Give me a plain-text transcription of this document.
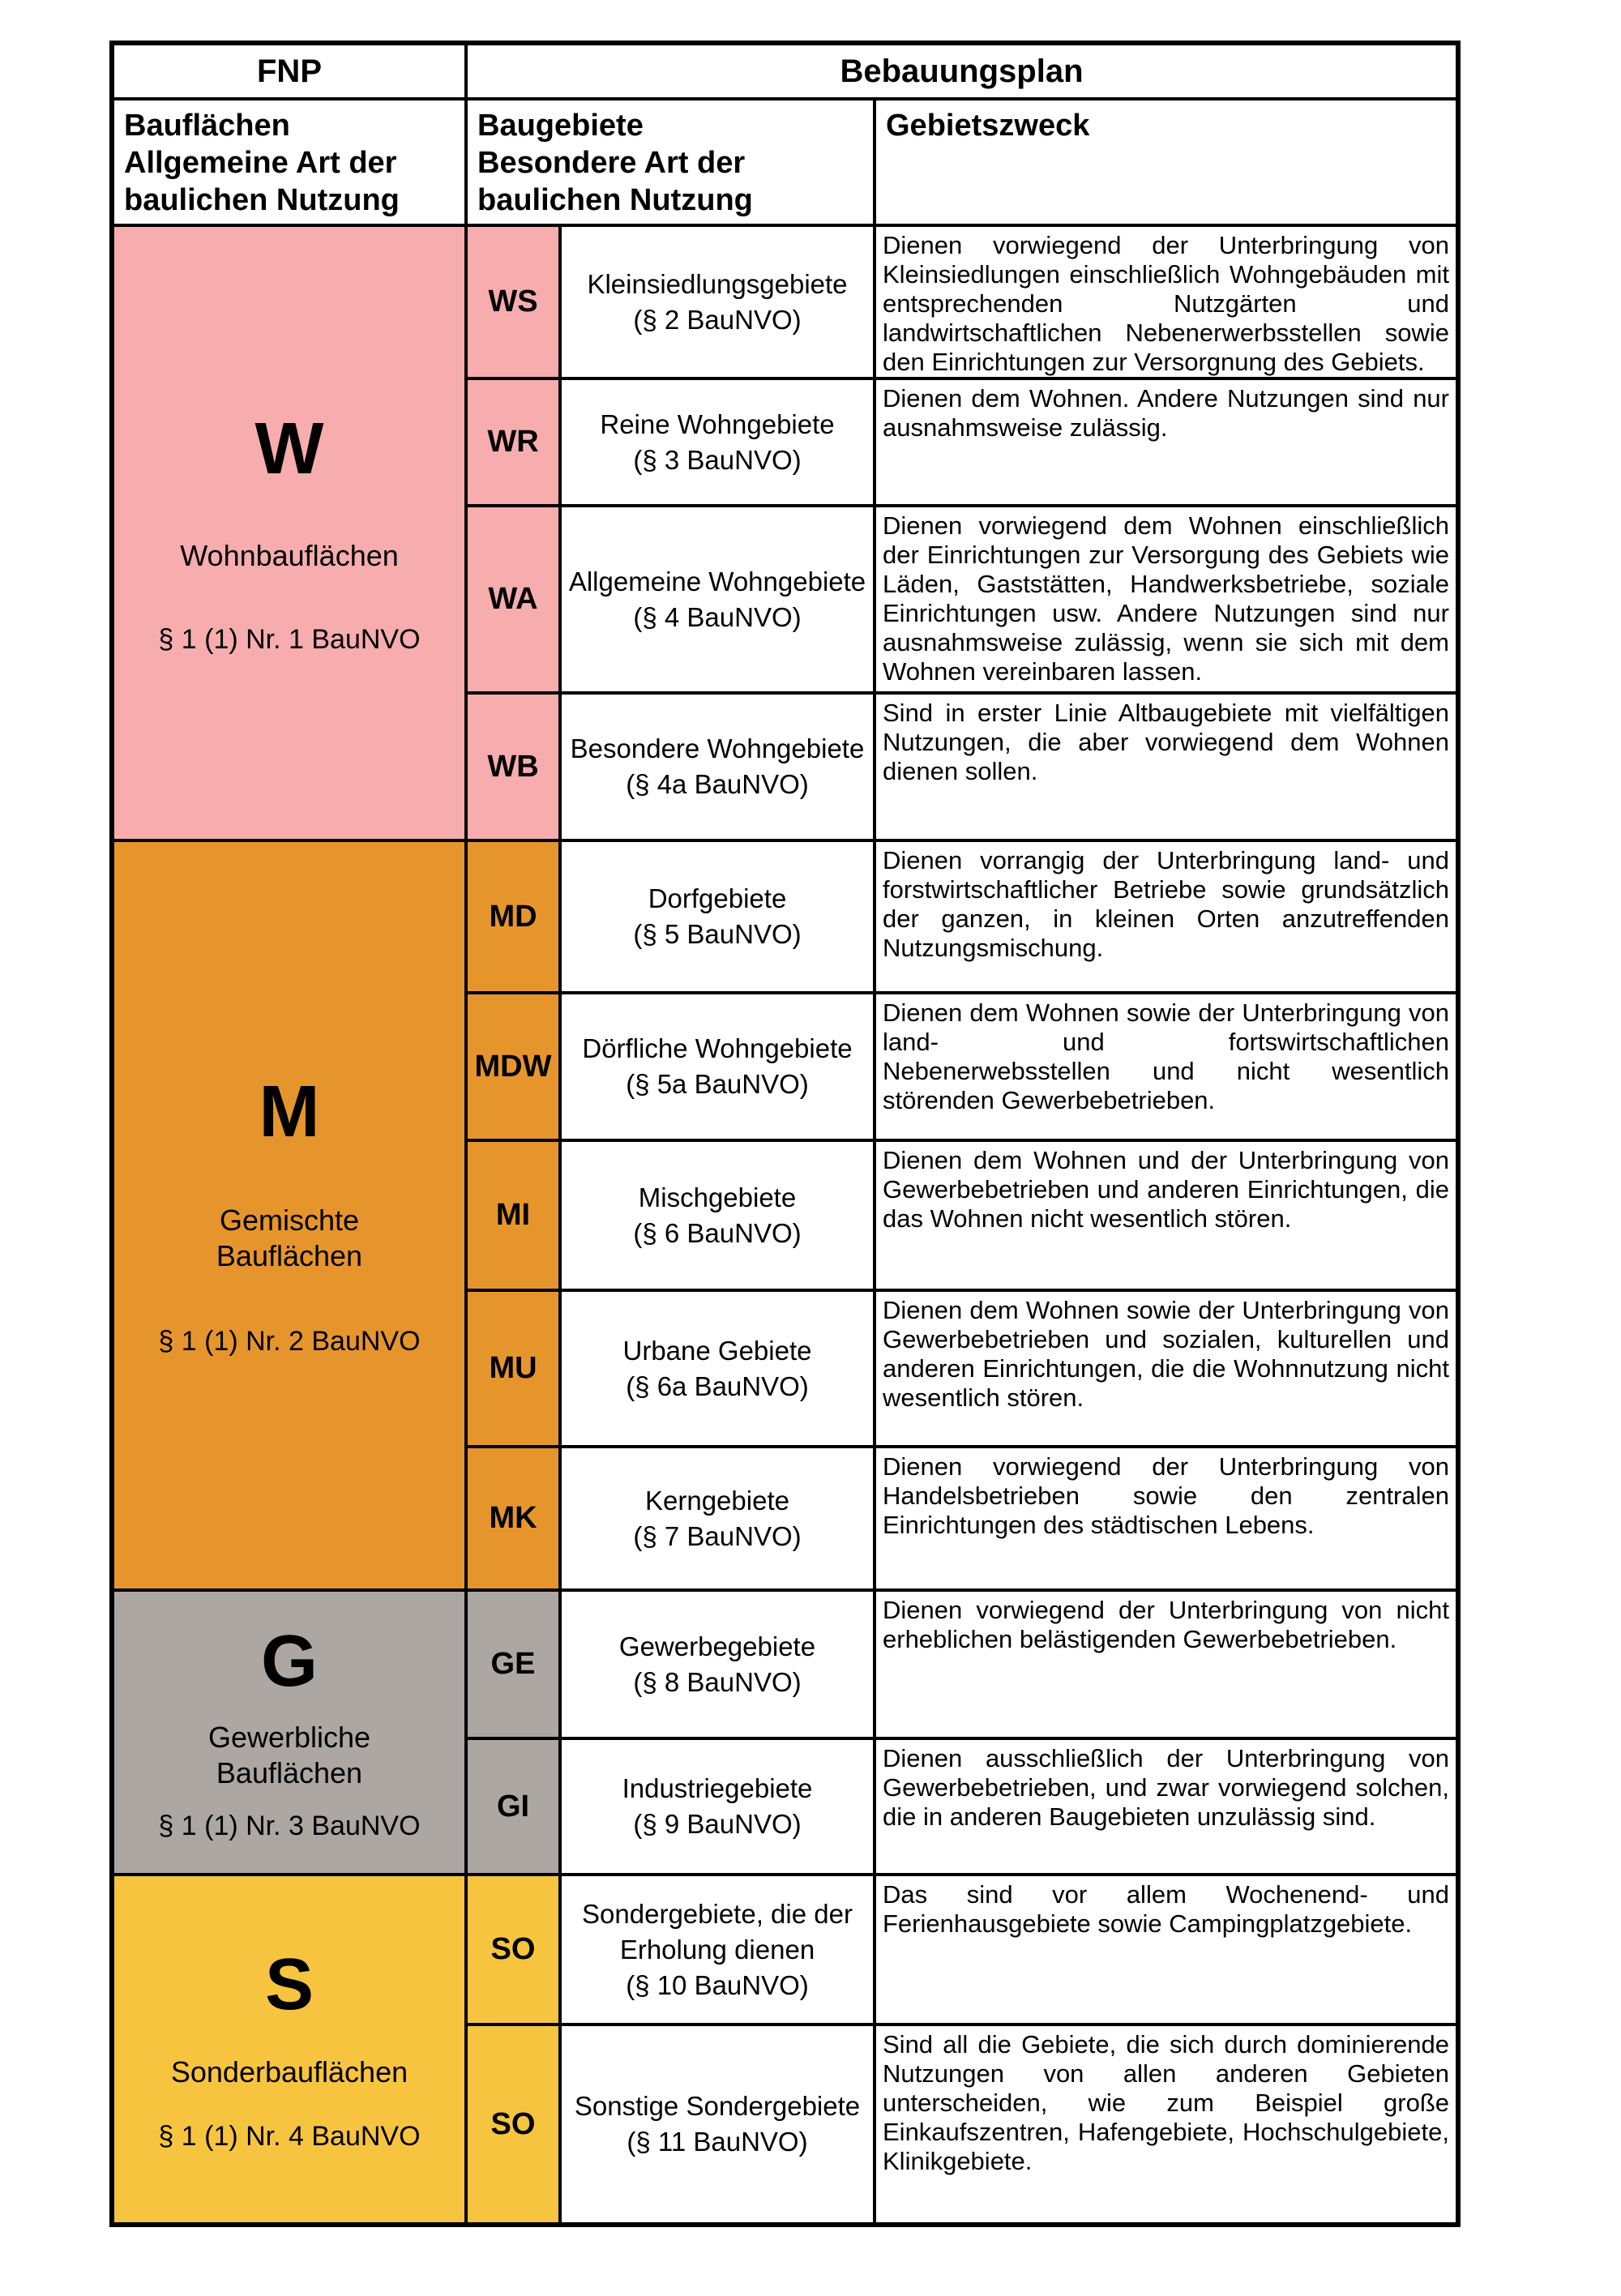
FNP	Bebauungsplan
Bauflächen
Allgemeine Art der
baulichen Nutzung
Baugebiete
Besondere Art der
baulichen Nutzung
Gebietszweck
W
Wohnbauflächen
§ 1 (1) Nr. 1 BauNVO
WS
Kleinsiedlungsgebiete
(§ 2 BauNVO)
Dienen vorwiegend der Unterbringung von Kleinsiedlungen einschließlich Wohngebäuden mit entsprechenden Nutzgärten und landwirtschaftlichen Nebenerwerbsstellen sowie den Einrichtungen zur Versorgnung des Gebiets.
WR
Reine Wohngebiete
(§ 3 BauNVO)
Dienen dem Wohnen. Andere Nutzungen sind nur ausnahmsweise zulässig.
WA
Allgemeine Wohngebiete
(§ 4 BauNVO)
Dienen vorwiegend dem Wohnen einschließlich der Einrichtungen zur Versorgung des Gebiets wie Läden, Gaststätten, Handwerksbetriebe, soziale Einrichtungen usw. Andere Nutzungen sind nur ausnahmsweise zulässig, wenn sie sich mit dem Wohnen vereinbaren lassen.
WB
Besondere Wohngebiete
(§ 4a BauNVO)
Sind in erster Linie Altbaugebiete mit vielfältigen Nutzungen, die aber vorwiegend dem Wohnen dienen sollen.
M
Gemischte Bauflächen
§ 1 (1) Nr. 2 BauNVO
MD
Dorfgebiete
(§ 5 BauNVO)
Dienen vorrangig der Unterbringung land- und forstwirtschaftlicher Betriebe sowie grundsätzlich der ganzen, in kleinen Orten anzutreffenden Nutzungsmischung.
MDW
Dörfliche Wohngebiete
(§ 5a BauNVO)
Dienen dem Wohnen sowie der Unterbringung von land- und fortswirtschaftlichen Nebenerwebsstellen und nicht wesentlich störenden Gewerbebetrieben.
MI
Mischgebiete
(§ 6 BauNVO)
Dienen dem Wohnen und der Unterbringung von Gewerbebetrieben und anderen Einrichtungen, die das Wohnen nicht wesentlich stören.
MU
Urbane Gebiete
(§ 6a BauNVO)
Dienen dem Wohnen sowie der Unterbringung von Gewerbebetrieben und sozialen, kulturellen und anderen Einrichtungen, die die Wohnnutzung nicht wesentlich stören.
MK
Kerngebiete
(§ 7 BauNVO)
Dienen vorwiegend der Unterbringung von Handelsbetrieben sowie den zentralen Einrichtungen des städtischen Lebens.
G
Gewerbliche Bauflächen
§ 1 (1) Nr. 3 BauNVO
GE
Gewerbegebiete
(§ 8 BauNVO)
Dienen vorwiegend der Unterbringung von nicht erheblichen belästigenden Gewerbebetrieben.
GI
Industriegebiete
(§ 9 BauNVO)
Dienen ausschließlich der Unterbringung von Gewerbebetrieben, und zwar vorwiegend solchen, die in anderen Baugebieten unzulässig sind.
S
Sonderbauflächen
§ 1 (1) Nr. 4 BauNVO
SO
Sondergebiete, die der Erholung dienen
(§ 10 BauNVO)
Das sind vor allem Wochenend- und Ferienhausgebiete sowie Campingplatzgebiete.
SO
Sonstige Sondergebiete
(§ 11 BauNVO)
Sind all die Gebiete, die sich durch dominierende Nutzungen von allen anderen Gebieten unterscheiden, wie zum Beispiel große Einkaufszentren, Hafengebiete, Hochschulgebiete, Klinikgebiete.
